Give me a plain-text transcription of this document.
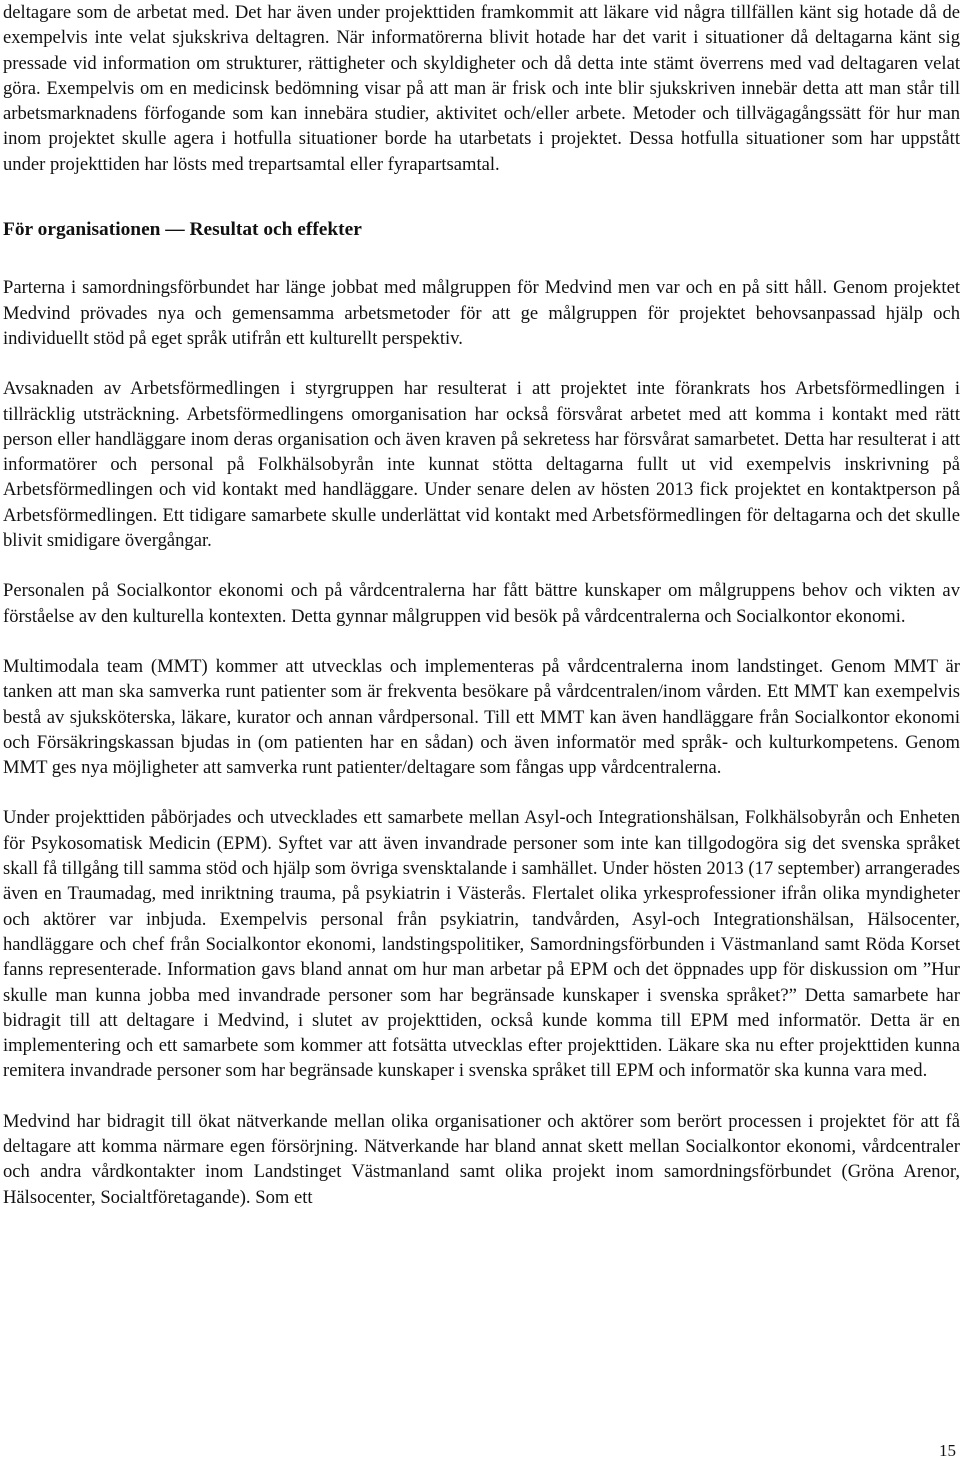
deltagare som de arbetat med. Det har även under projekttiden framkommit att läkare vid några tillfällen känt sig hotade då de exempelvis inte velat sjukskriva deltagren. När informatörerna blivit hotade har det varit i situationer då deltagarna känt sig pressade vid information om strukturer, rättigheter och skyldigheter och då detta inte stämt överrens med vad deltagaren velat göra. Exempelvis om en medicinsk bedömning visar på att man är frisk och inte blir sjukskriven innebär detta att man står till arbetsmarknadens förfogande som kan innebära studier, aktivitet och/eller arbete. Metoder och tillvägagångssätt för hur man inom projektet skulle agera i hotfulla situationer borde ha utarbetats i projektet. Dessa hotfulla situationer som har uppstått under projekttiden har lösts med trepartsamtal eller fyrapartsamtal.

För organisationen — Resultat och effekter

Parterna i samordningsförbundet har länge jobbat med målgruppen för Medvind men var och en på sitt håll. Genom projektet Medvind prövades nya och gemensamma arbetsmetoder för att ge målgruppen för projektet behovsanpassad hjälp och individuellt stöd på eget språk utifrån ett kulturellt perspektiv.

Avsaknaden av Arbetsförmedlingen i styrgruppen har resulterat i att projektet inte förankrats hos Arbetsförmedlingen i tillräcklig utsträckning. Arbetsförmedlingens omorganisation har också försvårat arbetet med att komma i kontakt med rätt person eller handläggare inom deras organisation och även kraven på sekretess har försvårat samarbetet. Detta har resulterat i att informatörer och personal på Folkhälsobyrån inte kunnat stötta deltagarna fullt ut vid exempelvis inskrivning på Arbetsförmedlingen och vid kontakt med handläggare. Under senare delen av hösten 2013 fick projektet en kontaktperson på Arbetsförmedlingen. Ett tidigare samarbete skulle underlättat vid kontakt med Arbetsförmedlingen för deltagarna och det skulle blivit smidigare övergångar.

Personalen på Socialkontor ekonomi och på vårdcentralerna har fått bättre kunskaper om målgruppens behov och vikten av förståelse av den kulturella kontexten. Detta gynnar målgruppen vid besök på vårdcentralerna och Socialkontor ekonomi.

Multimodala team (MMT) kommer att utvecklas och implementeras på vårdcentralerna inom landstinget. Genom MMT är tanken att man ska samverka runt patienter som är frekventa besökare på vårdcentralen/inom vården. Ett MMT kan exempelvis bestå av sjuksköterska, läkare, kurator och annan vårdpersonal. Till ett MMT kan även handläggare från Socialkontor ekonomi och Försäkringskassan bjudas in (om patienten har en sådan) och även informatör med språk- och kulturkompetens. Genom MMT ges nya möjligheter att samverka runt patienter/deltagare som fångas upp vårdcentralerna.

Under projekttiden påbörjades och utvecklades ett samarbete mellan Asyl-och Integrationshälsan, Folkhälsobyrån och Enheten för Psykosomatisk Medicin (EPM). Syftet var att även invandrade personer som inte kan tillgodogöra sig det svenska språket skall få tillgång till samma stöd och hjälp som övriga svensktalande i samhället. Under hösten 2013 (17 september) arrangerades även en Traumadag, med inriktning trauma, på psykiatrin i Västerås. Flertalet olika yrkesprofessioner ifrån olika myndigheter och aktörer var inbjuda. Exempelvis personal från psykiatrin, tandvården, Asyl-och Integrationshälsan, Hälsocenter, handläggare och chef från Socialkontor ekonomi, landstingspolitiker, Samordningsförbunden i Västmanland samt Röda Korset fanns representerade. Information gavs bland annat om hur man arbetar på EPM och det öppnades upp för diskussion om ”Hur skulle man kunna jobba med invandrade personer som har begränsade kunskaper i svenska språket?” Detta samarbete har bidragit till att deltagare i Medvind, i slutet av projekttiden, också kunde komma till EPM med informatör. Detta är en implementering och ett samarbete som kommer att fotsätta utvecklas efter projekttiden. Läkare ska nu efter projekttiden kunna remitera invandrade personer som har begränsade kunskaper i svenska språket till EPM och informatör ska kunna vara med.

Medvind har bidragit till ökat nätverkande mellan olika organisationer och aktörer som berört processen i projektet för att få deltagare att komma närmare egen försörjning. Nätverkande har bland annat skett mellan Socialkontor ekonomi, vårdcentraler och andra vårdkontakter inom Landstinget Västmanland samt olika projekt inom samordningsförbundet (Gröna Arenor, Hälsocenter, Socialtföretagande). Som ett

15
